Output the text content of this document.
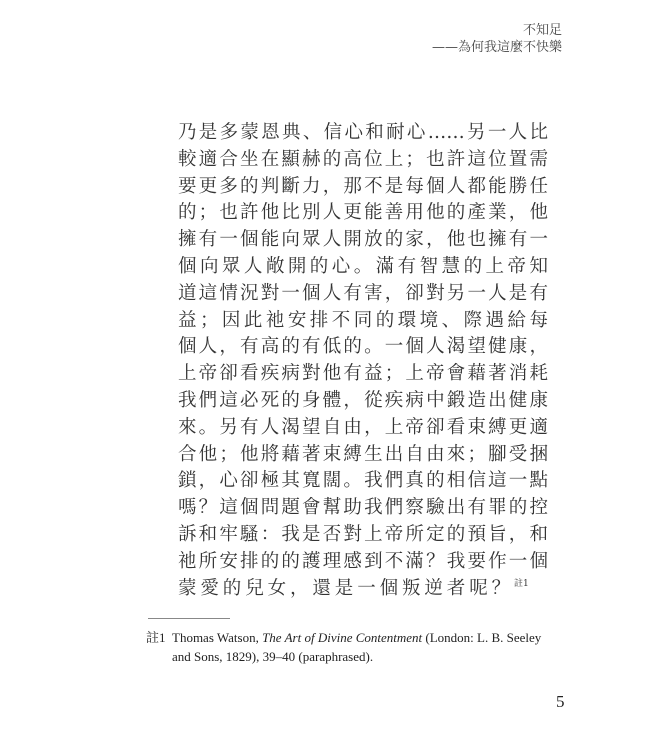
不知足
——為何我這麼不快樂
乃是多蒙恩典、信心和耐心……另一人比
較適合坐在顯赫的高位上；也許這位置需
要更多的判斷力，那不是每個人都能勝任
的；也許他比別人更能善用他的產業，他
擁有一個能向眾人開放的家，他也擁有一
個向眾人敞開的心。滿有智慧的上帝知
道這情況對一個人有害，卻對另一人是有
益；因此祂安排不同的環境、際遇給每
個人，有高的有低的。一個人渴望健康，
上帝卻看疾病對他有益；上帝會藉著消耗
我們這必死的身體，從疾病中鍛造出健康
來。另有人渴望自由，上帝卻看束縛更適
合他；他將藉著束縛生出自由來；腳受捆
鎖，心卻極其寬闊。我們真的相信這一點
嗎？這個問題會幫助我們察驗出有罪的控
訴和牢騷：我是否對上帝所定的預旨，和
祂所安排的的護理感到不滿？我要作一個
蒙愛的兒女，還是一個叛逆者呢？$^{註1}$
註1 Thomas Watson, The Art of Divine Contentment (London: L. B. Seeley and Sons, 1829), 39–40 (paraphrased).
5
